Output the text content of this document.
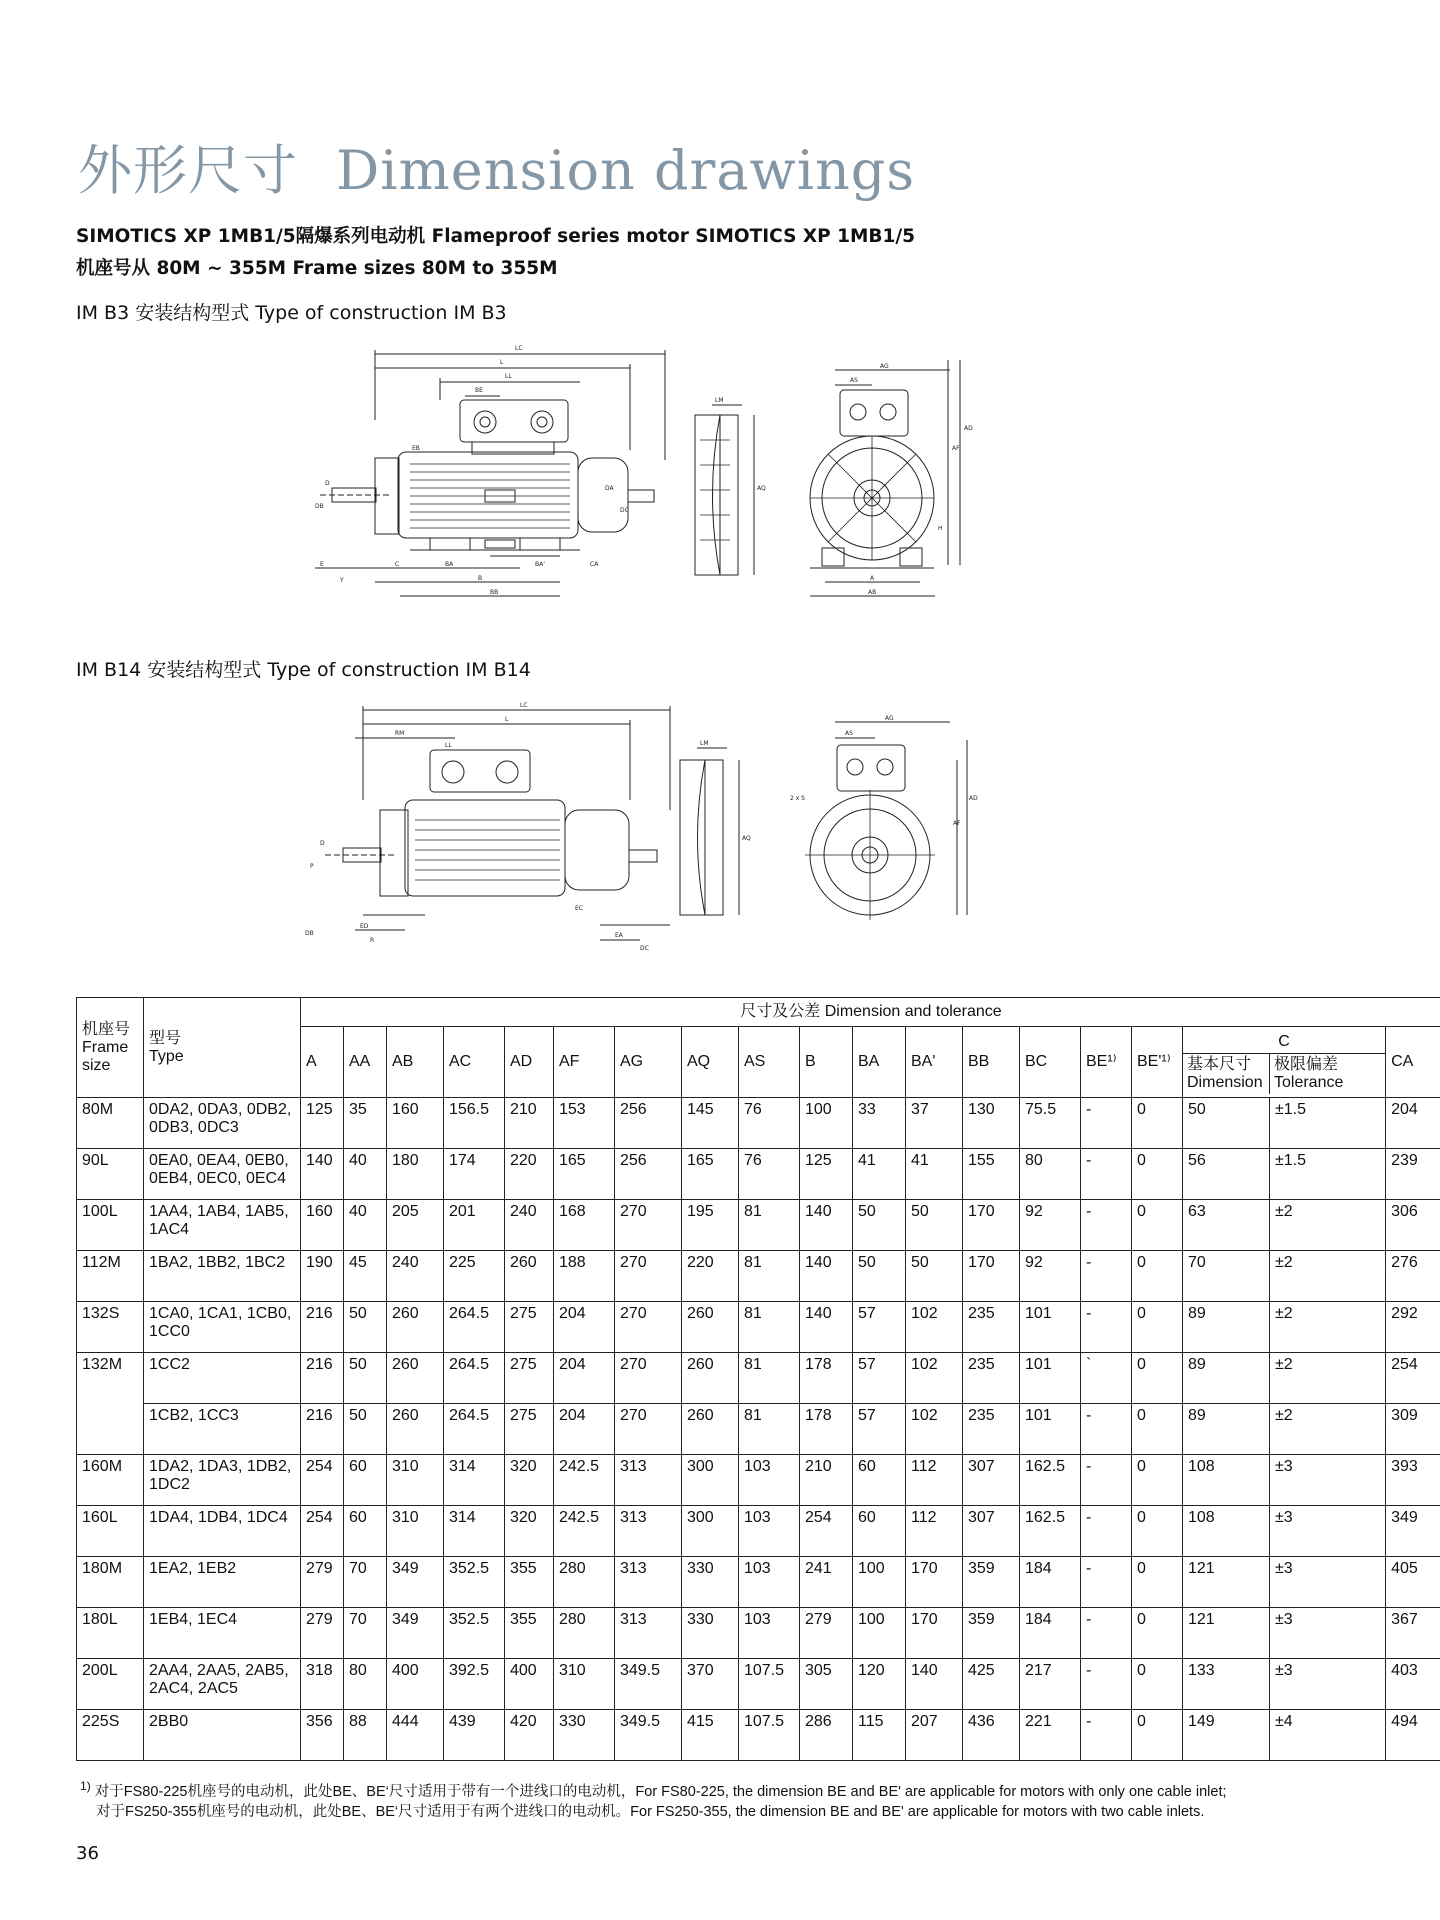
外形尺寸 Dimension drawings
SIMOTICS XP 1MB1/5隔爆系列电动机 Flameproof series motor SIMOTICS XP 1MB1/5
机座号从 80M ~ 355M Frame sizes 80M to 355M
IM B3 安装结构型式 Type of construction IM B3
LC
L
LL
BE
EB
D
DB
B
BA	BA'	CA
BB
Y
E	C
LM
AQ
AG
AS
AF
AD
H
A
AB
DC
DA
IM B14 安装结构型式 Type of construction IM B14
LC
L
RM
LL
D
P
DB
ED
R
EA
EC
DC
LM
AQ
AG
AS
AF
AD
2 x S
机座号
Frame
size	型号
Type	尺寸及公差 Dimension and tolerance																		
		A	AA	AB	AC	AD	AF	AG	AQ	AS	B	BA	BA'	BB	BC	BE¹⁾	BE'¹⁾	C
基本尺寸
Dimension
极限偏差
Tolerance		CA
80M	0DA2, 0DA3, 0DB2, 0DB3, 0DC3	125	35	160	156.5	210	153	256	145	76	100	33	37	130	75.5	-	0	50	±1.5	204
90L	0EA0, 0EA4, 0EB0, 0EB4, 0EC0, 0EC4	140	40	180	174	220	165	256	165	76	125	41	41	155	80	-	0	56	±1.5	239
100L	1AA4, 1AB4, 1AB5, 1AC4	160	40	205	201	240	168	270	195	81	140	50	50	170	92	-	0	63	±2	306
112M	1BA2, 1BB2, 1BC2	190	45	240	225	260	188	270	220	81	140	50	50	170	92	-	0	70	±2	276
132S	1CA0, 1CA1, 1CB0, 1CC0	216	50	260	264.5	275	204	270	260	81	140	57	102	235	101	-	0	89	±2	292
132M	1CC2	216	50	260	264.5	275	204	270	260	81	178	57	102	235	101	`	0	89	±2	254
	1CB2, 1CC3	216	50	260	264.5	275	204	270	260	81	178	57	102	235	101	-	0	89	±2	309
160M	1DA2, 1DA3, 1DB2, 1DC2	254	60	310	314	320	242.5	313	300	103	210	60	112	307	162.5	-	0	108	±3	393
160L	1DA4, 1DB4, 1DC4	254	60	310	314	320	242.5	313	300	103	254	60	112	307	162.5	-	0	108	±3	349
180M	1EA2, 1EB2	279	70	349	352.5	355	280	313	330	103	241	100	170	359	184	-	0	121	±3	405
180L	1EB4, 1EC4	279	70	349	352.5	355	280	313	330	103	279	100	170	359	184	-	0	121	±3	367
200L	2AA4, 2AA5, 2AB5, 2AC4, 2AC5	318	80	400	392.5	400	310	349.5	370	107.5	305	120	140	425	217	-	0	133	±3	403
225S	2BB0	356	88	444	439	420	330	349.5	415	107.5	286	115	207	436	221	-	0	149	±4	494
$^{1)}$ 对于FS80-225机座号的电动机，此处BE、BE‘尺寸适用于带有一个进线口的电动机，For FS80-225, the dimension BE and BE' are applicable for motors with only one cable inlet;
对于FS250-355机座号的电动机，此处BE、BE‘尺寸适用于有两个进线口的电动机。For FS250-355, the dimension BE and BE' are applicable for motors with two cable inlets.
36
